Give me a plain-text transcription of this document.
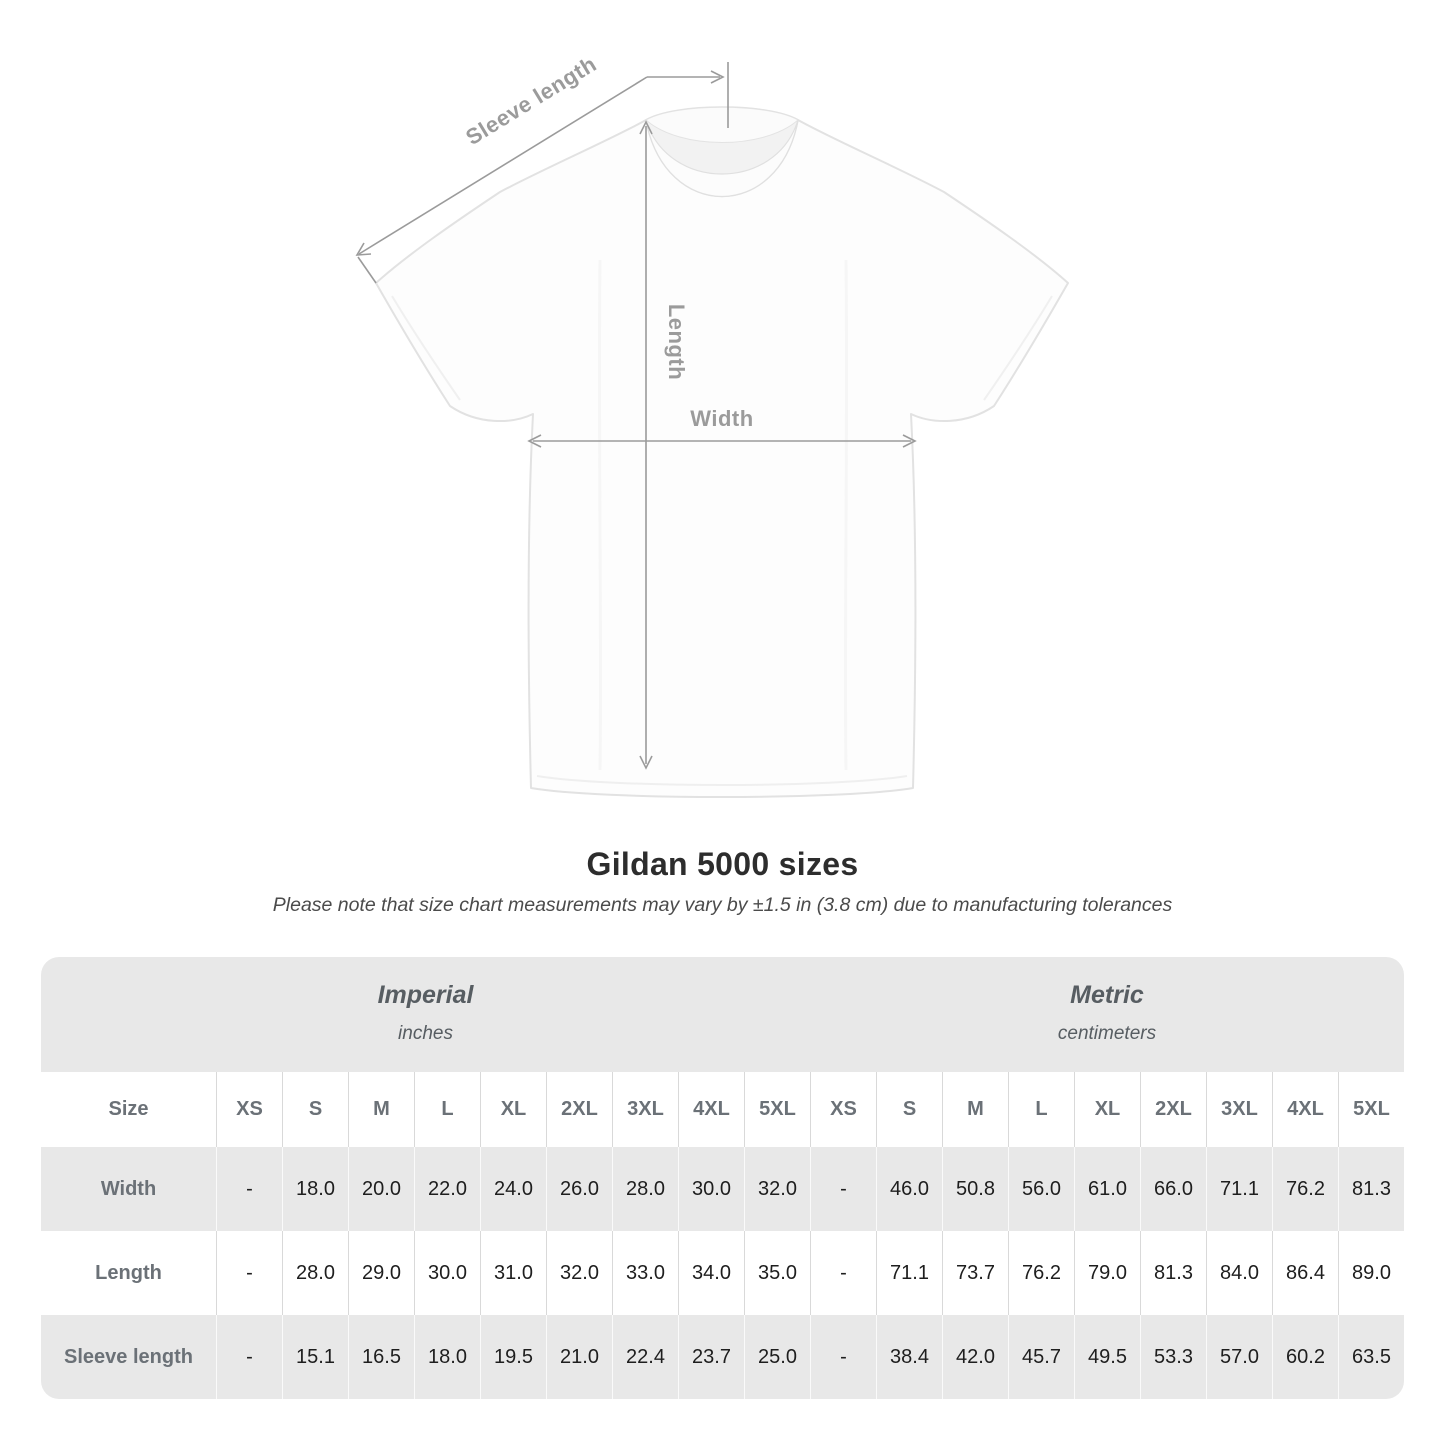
Length
Width
Sleeve length
Gildan 5000 sizes

Please note that size chart measurements may vary by ±1.5 in (3.8 cm) due to manufacturing tolerances

Imperial
inches
Metric
centimeters
Size	XS	S	M	L	XL	2XL	3XL	4XL	5XL	XS	S	M	L	XL	2XL	3XL	4XL	5XL
Width	-	18.0	20.0	22.0	24.0	26.0	28.0	30.0	32.0	-	46.0	50.8	56.0	61.0	66.0	71.1	76.2	81.3
Length	-	28.0	29.0	30.0	31.0	32.0	33.0	34.0	35.0	-	71.1	73.7	76.2	79.0	81.3	84.0	86.4	89.0
Sleeve length	-	15.1	16.5	18.0	19.5	21.0	22.4	23.7	25.0	-	38.4	42.0	45.7	49.5	53.3	57.0	60.2	63.5
